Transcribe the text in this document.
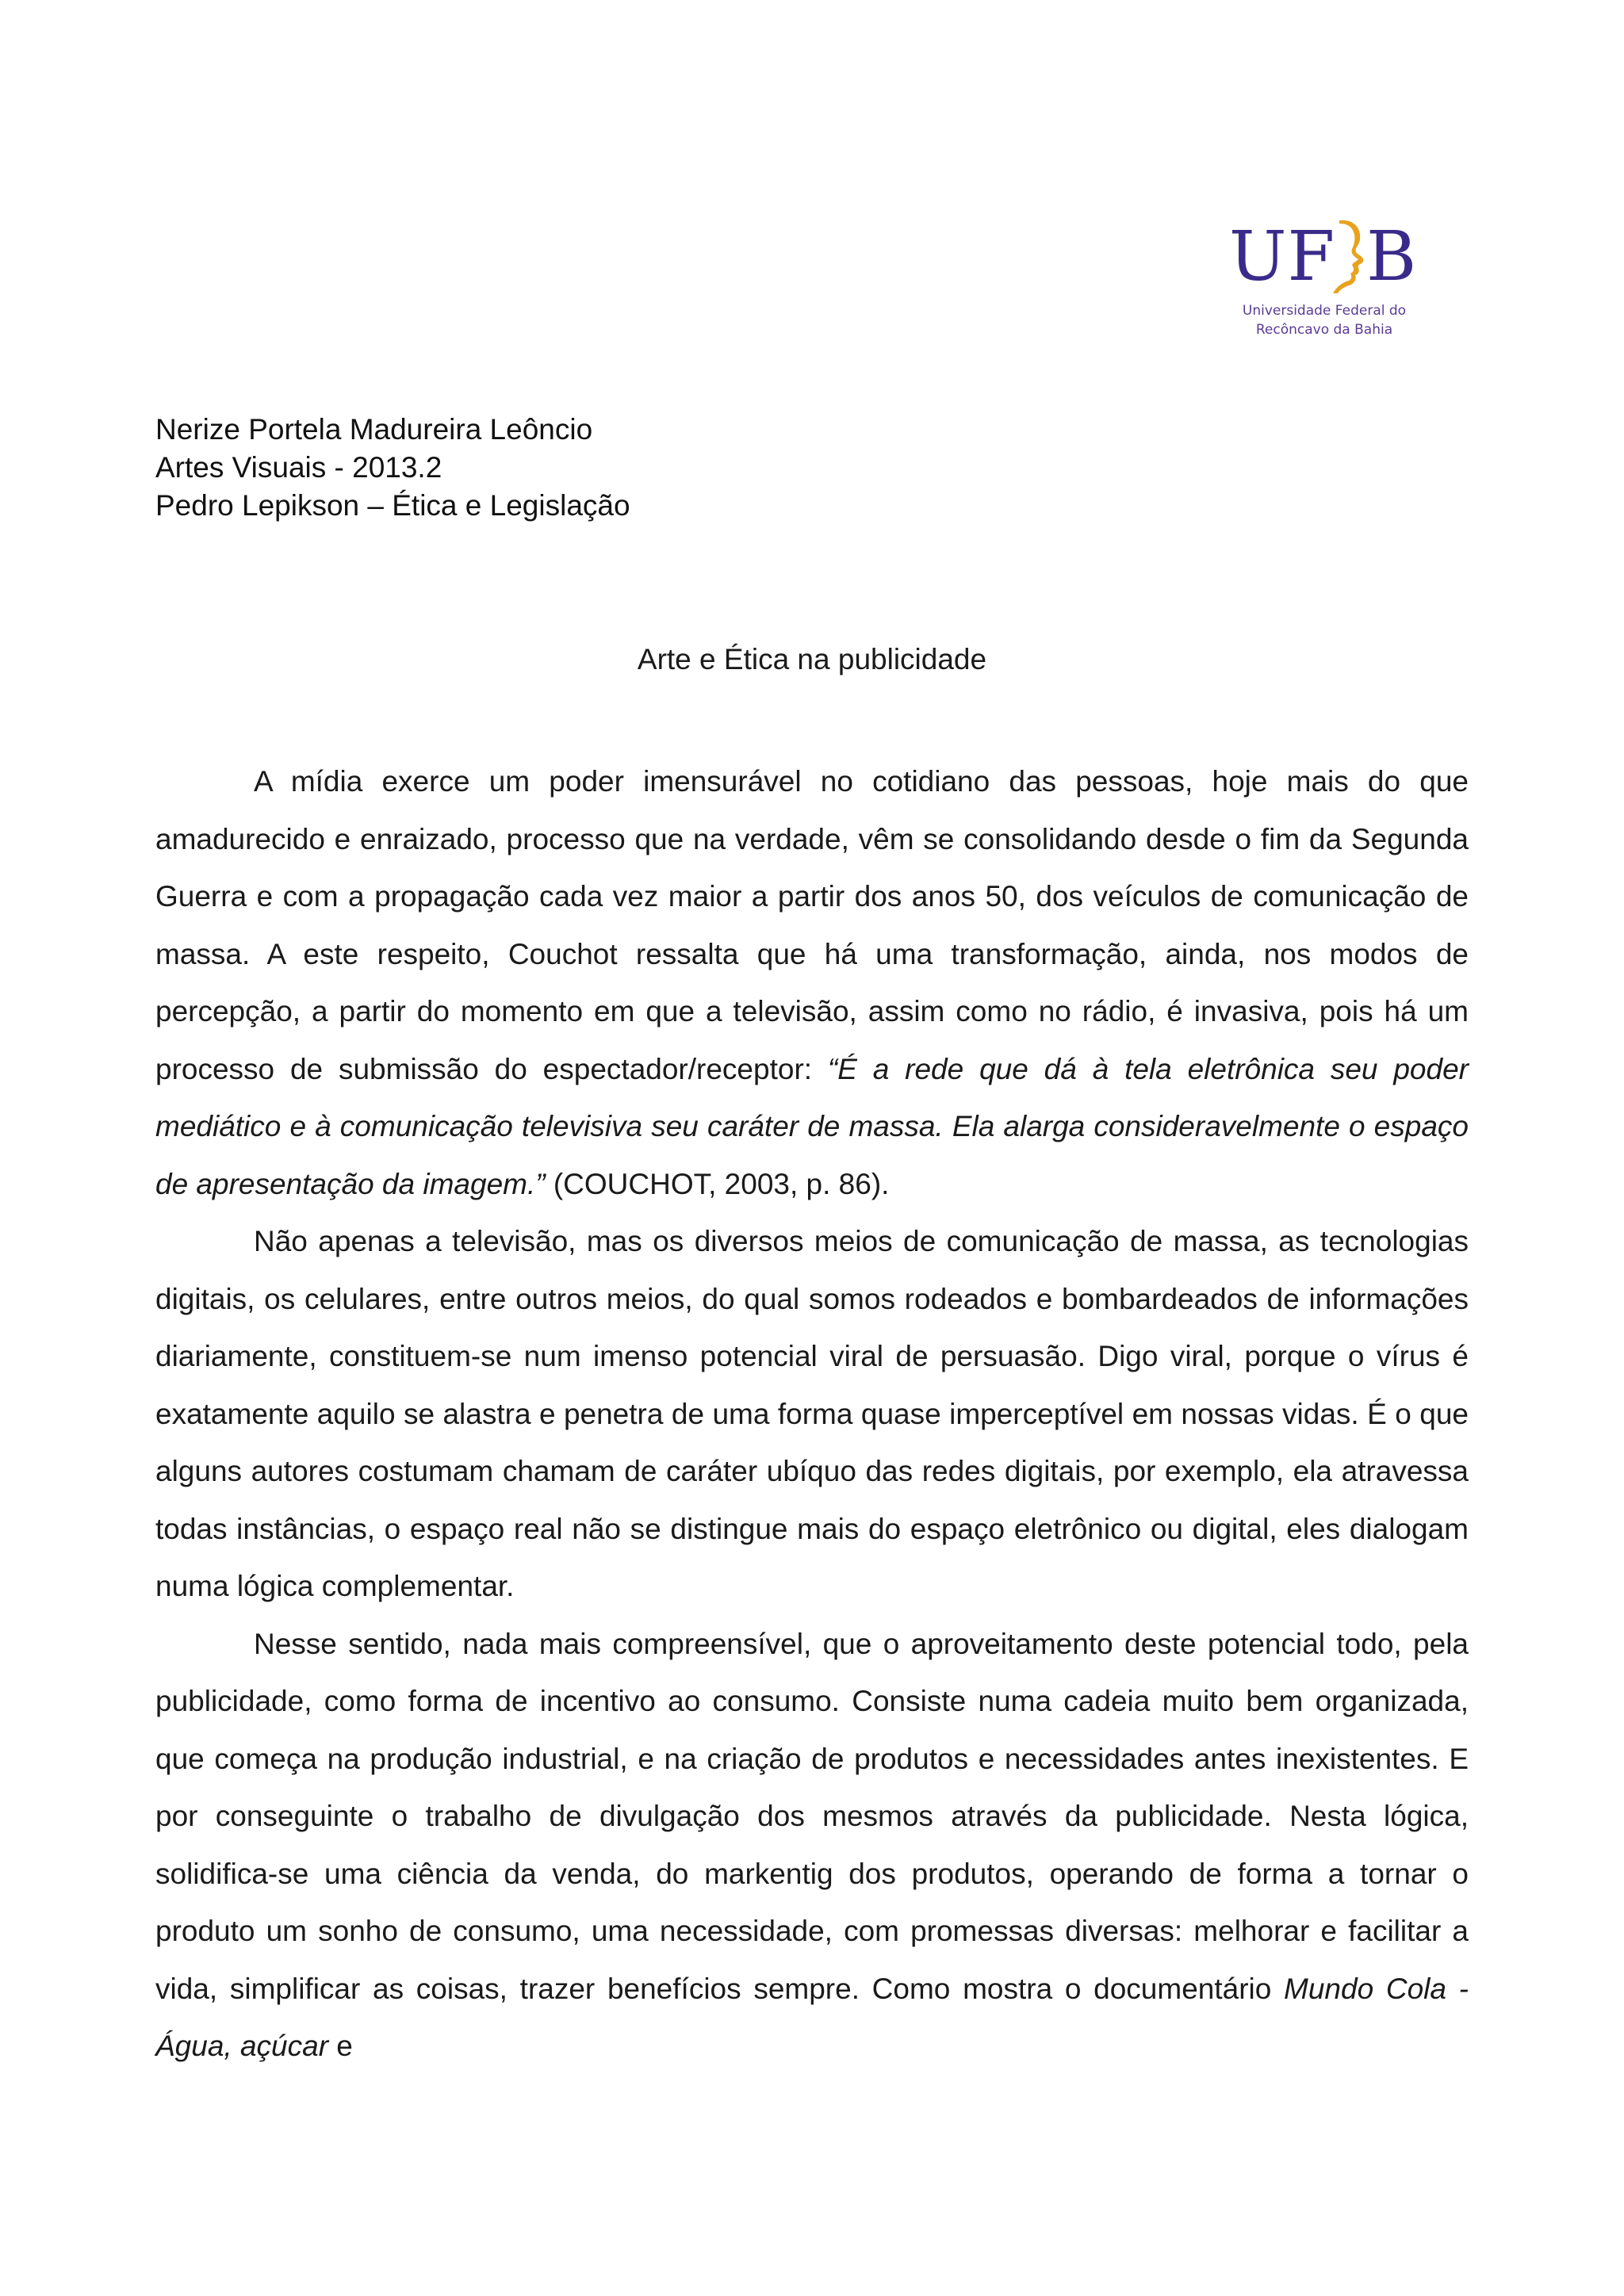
UF B
Universidade Federal do
Recôncavo da Bahia
Nerize Portela Madureira Leôncio
Artes Visuais - 2013.2
Pedro Lepikson – Ética e Legislação
Arte e Ética na publicidade

A mídia exerce um poder imensurável no cotidiano das pessoas, hoje mais do que amadurecido e enraizado, processo que na verdade, vêm se consolidando desde o fim da Segunda Guerra e com a propagação cada vez maior a partir dos anos 50, dos veículos de comunicação de massa. A este respeito, Couchot ressalta que há uma transformação, ainda, nos modos de percepção, a partir do momento em que a televisão, assim como no rádio, é invasiva, pois há um processo de submissão do espectador/receptor: “É a rede que dá à tela eletrônica seu poder mediático e à comunicação televisiva seu caráter de massa. Ela alarga consideravelmente o espaço de apresentação da imagem.” (COUCHOT, 2003, p. 86).

Não apenas a televisão, mas os diversos meios de comunicação de massa, as tecnologias digitais, os celulares, entre outros meios, do qual somos rodeados e bombardeados de informações diariamente, constituem-se num imenso potencial viral de persuasão. Digo viral, porque o vírus é exatamente aquilo se alastra e penetra de uma forma quase imperceptível em nossas vidas. É o que alguns autores costumam chamam de caráter ubíquo das redes digitais, por exemplo, ela atravessa todas instâncias, o espaço real não se distingue mais do espaço eletrônico ou digital, eles dialogam numa lógica complementar.

Nesse sentido, nada mais compreensível, que o aproveitamento deste potencial todo, pela publicidade, como forma de incentivo ao consumo. Consiste numa cadeia muito bem organizada, que começa na produção industrial, e na criação de produtos e necessidades antes inexistentes. E por conseguinte o trabalho de divulgação dos mesmos através da publicidade. Nesta lógica, solidifica-se uma ciência da venda, do markentig dos produtos, operando de forma a tornar o produto um sonho de consumo, uma necessidade, com promessas diversas: melhorar e facilitar a vida, simplificar as coisas, trazer benefícios sempre. Como mostra o documentário Mundo Cola - Água, açúcar e
